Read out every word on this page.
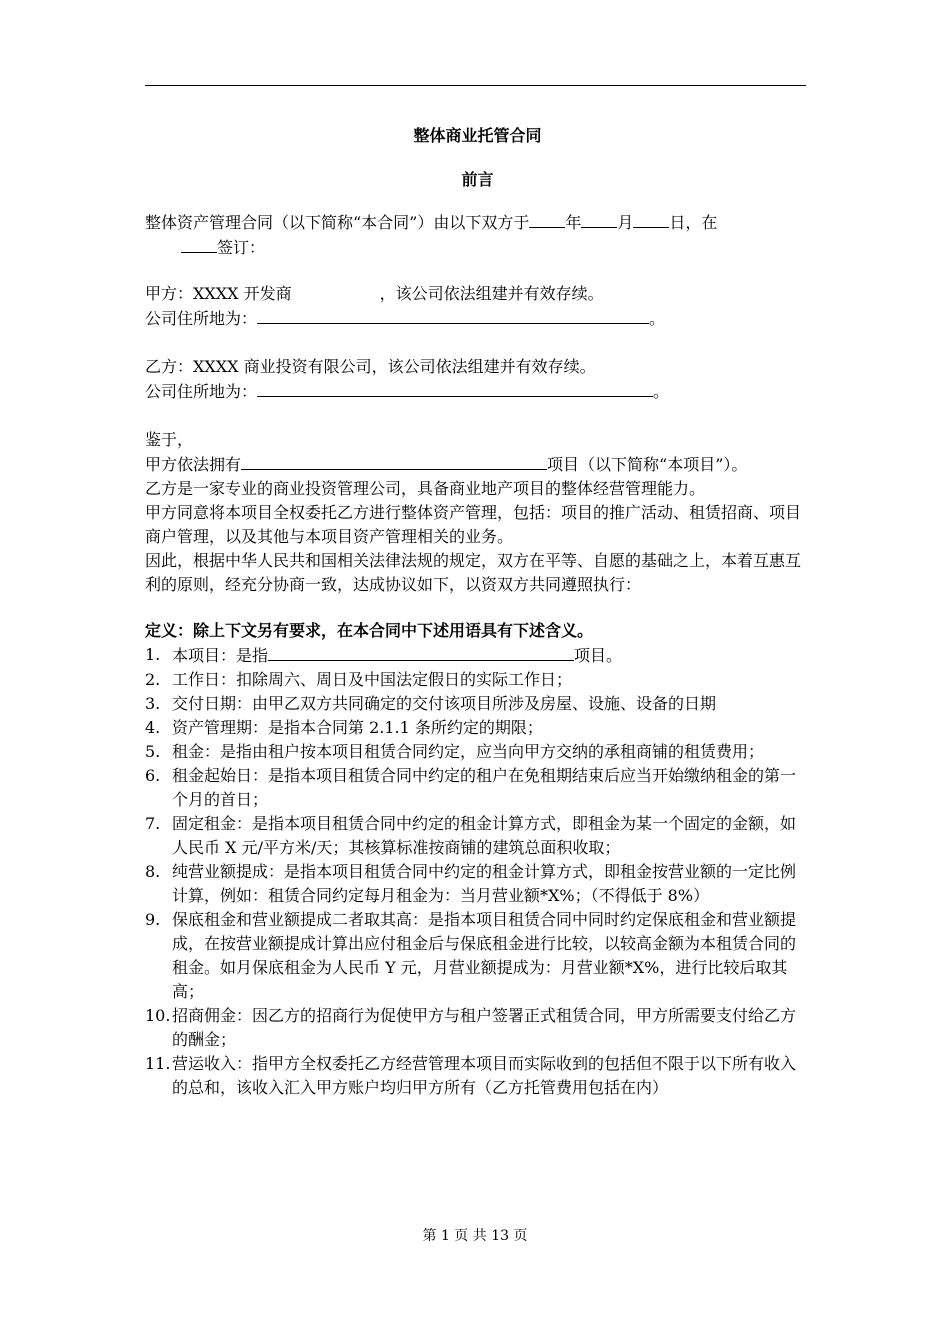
整体商业托管合同
前言

整体资产管理合同（以下简称“本合同”）由以下双方于 年 月 日，在

签订：

甲方：XXXX 开发商	，该公司依法组建并有效存续。

公司住所地为：	。

乙方：XXXX 商业投资有限公司，该公司依法组建并有效存续。

公司住所地为：	。

鉴于，

甲方依法拥有	项目（以下简称“本项目”）。

乙方是一家专业的商业投资管理公司，具备商业地产项目的整体经营管理能力。

甲方同意将本项目全权委托乙方进行整体资产管理，包括：项目的推广活动、租赁招商、项目商户管理，以及其他与本项目资产管理相关的业务。

因此，根据中华人民共和国相关法律法规的规定，双方在平等、自愿的基础之上，本着互惠互利的原则，经充分协商一致，达成协议如下，以资双方共同遵照执行：

定义：除上下文另有要求，在本合同中下述用语具有下述含义。
1. 本项目：是指	项目。
2. 工作日：扣除周六、周日及中国法定假日的实际工作日；
3. 交付日期：由甲乙双方共同确定的交付该项目所涉及房屋、设施、设备的日期
4. 资产管理期：是指本合同第 2.1.1 条所约定的期限；
5. 租金：是指由租户按本项目租赁合同约定，应当向甲方交纳的承租商铺的租赁费用；
6. 租金起始日：是指本项目租赁合同中约定的租户在免租期结束后应当开始缴纳租金的第一个月的首日；
7. 固定租金：是指本项目租赁合同中约定的租金计算方式，即租金为某一个固定的金额，如人民币 X 元/平方米/天；其核算标准按商铺的建筑总面积收取；
8. 纯营业额提成：是指本项目租赁合同中约定的租金计算方式，即租金按营业额的一定比例计算，例如：租赁合同约定每月租金为：当月营业额*X%；（不得低于 8%）
9. 保底租金和营业额提成二者取其高：是指本项目租赁合同中同时约定保底租金和营业额提成，在按营业额提成计算出应付租金后与保底租金进行比较，以较高金额为本租赁合同的租金。如月保底租金为人民币 Y 元，月营业额提成为：月营业额*X%，进行比较后取其高；
10. 招商佣金：因乙方的招商行为促使甲方与租户签署正式租赁合同，甲方所需要支付给乙方的酬金；
11. 营运收入：指甲方全权委托乙方经营管理本项目而实际收到的包括但不限于以下所有收入的总和，该收入汇入甲方账户均归甲方所有（乙方托管费用包括在内）
第 1 页 共 13 页
